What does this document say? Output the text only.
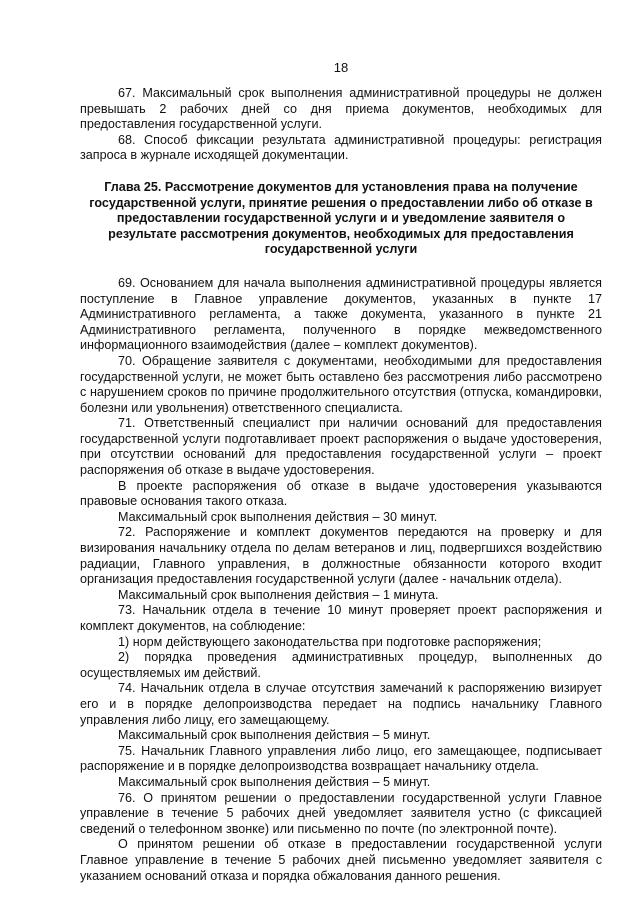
18

67. Максимальный срок выполнения административной процедуры не должен превышать 2 рабочих дней со дня приема документов, необходимых для предоставления государственной услуги.

68. Способ фиксации результата административной процедуры: регистрация запроса в журнале исходящей документации.

Глава 25. Рассмотрение документов для установления права на получение государственной услуги, принятие решения о предоставлении либо об отказе в предоставлении государственной услуги и и уведомление заявителя о результате рассмотрения документов, необходимых для предоставления государственной услуги

69. Основанием для начала выполнения административной процедуры является поступление в Главное управление документов, указанных в пункте 17 Административного регламента, а также документа, указанного в пункте 21 Административного регламента, полученного в порядке межведомственного информационного взаимодействия (далее – комплект документов).

70. Обращение заявителя с документами, необходимыми для предоставления государственной услуги, не может быть оставлено без рассмотрения либо рассмотрено с нарушением сроков по причине продолжительного отсутствия (отпуска, командировки, болезни или увольнения) ответственного специалиста.

71. Ответственный специалист при наличии оснований для предоставления государственной услуги подготавливает проект распоряжения о выдаче удостоверения, при отсутствии оснований для предоставления государственной услуги – проект распоряжения об отказе в выдаче удостоверения.

В проекте распоряжения об отказе в выдаче удостоверения указываются правовые основания такого отказа.

Максимальный срок выполнения действия – 30 минут.

72. Распоряжение и комплект документов передаются на проверку и для визирования начальнику отдела по делам ветеранов и лиц, подвергшихся воздействию радиации, Главного управления, в должностные обязанности которого входит организация предоставления государственной услуги (далее - начальник отдела).

Максимальный срок выполнения действия – 1 минута.

73. Начальник отдела в течение 10 минут проверяет проект распоряжения и комплект документов, на соблюдение:

1) норм действующего законодательства при подготовке распоряжения;

2) порядка проведения административных процедур, выполненных до осуществляемых им действий.

74. Начальник отдела в случае отсутствия замечаний к распоряжению визирует его и в порядке делопроизводства передает на подпись начальнику Главного управления либо лицу, его замещающему.

Максимальный срок выполнения действия – 5 минут.

75. Начальник Главного управления либо лицо, его замещающее, подписывает распоряжение и в порядке делопроизводства возвращает начальнику отдела.

Максимальный срок выполнения действия – 5 минут.

76. О принятом решении о предоставлении государственной услуги Главное управление в течение 5 рабочих дней уведомляет заявителя устно (с фиксацией сведений о телефонном звонке) или письменно по почте (по электронной почте).

О принятом решении об отказе в предоставлении государственной услуги Главное управление в течение 5 рабочих дней письменно уведомляет заявителя с указанием оснований отказа и порядка обжалования данного решения.
